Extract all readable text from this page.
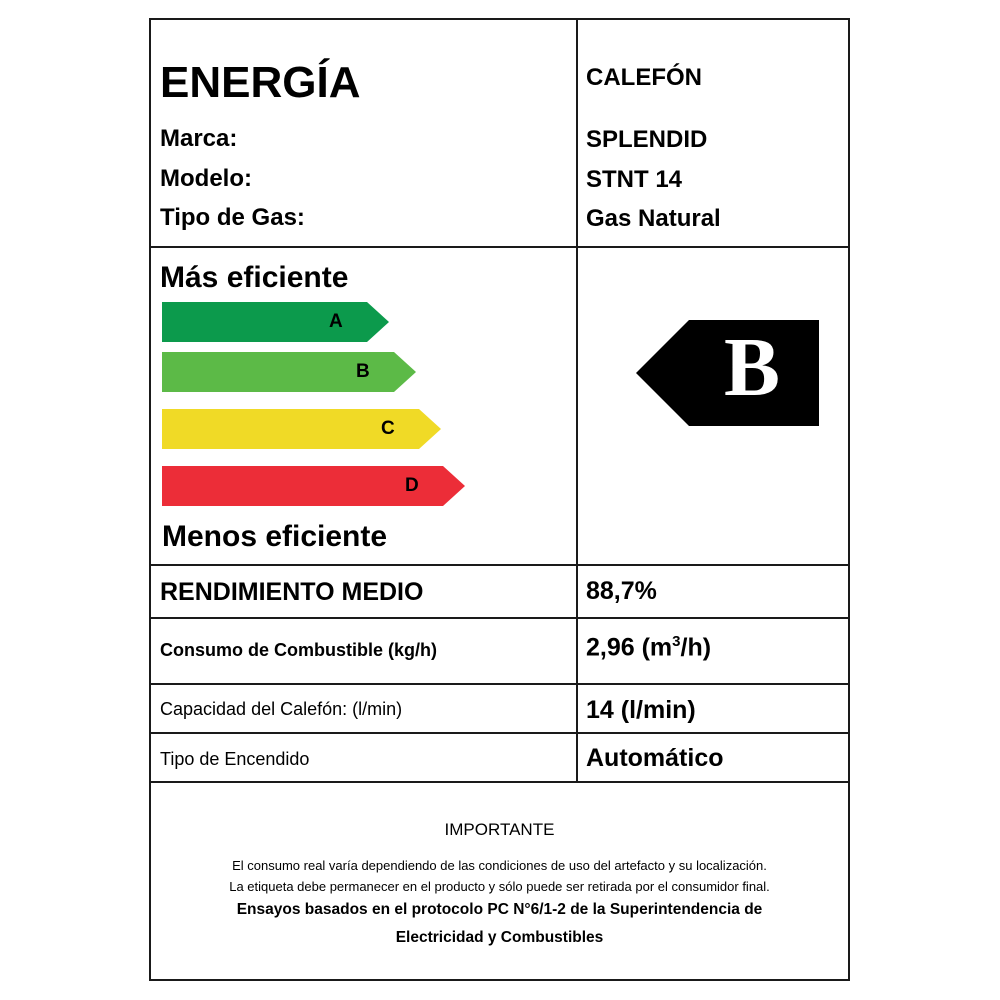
ENERGÍA	CALEFÓN
Marca:	SPLENDID
Modelo:	STNT 14
Tipo de Gas:	Gas Natural
Más eficiente
A
B
C
D
Menos eficiente
B
RENDIMIENTO MEDIO	88,7%
Consumo de Combustible (kg/h)	2,96 $(m^3/h)$
Capacidad del Calefón: (l/min)	14 (l/min)
Tipo de Encendido	Automático
IMPORTANTE
El consumo real varía dependiendo de las condiciones de uso del artefacto y su localización.
La etiqueta debe permanecer en el producto y sólo puede ser retirada por el consumidor final.
Ensayos basados en el protocolo PC N°6/1-2 de la Superintendencia de
Electricidad y Combustibles
